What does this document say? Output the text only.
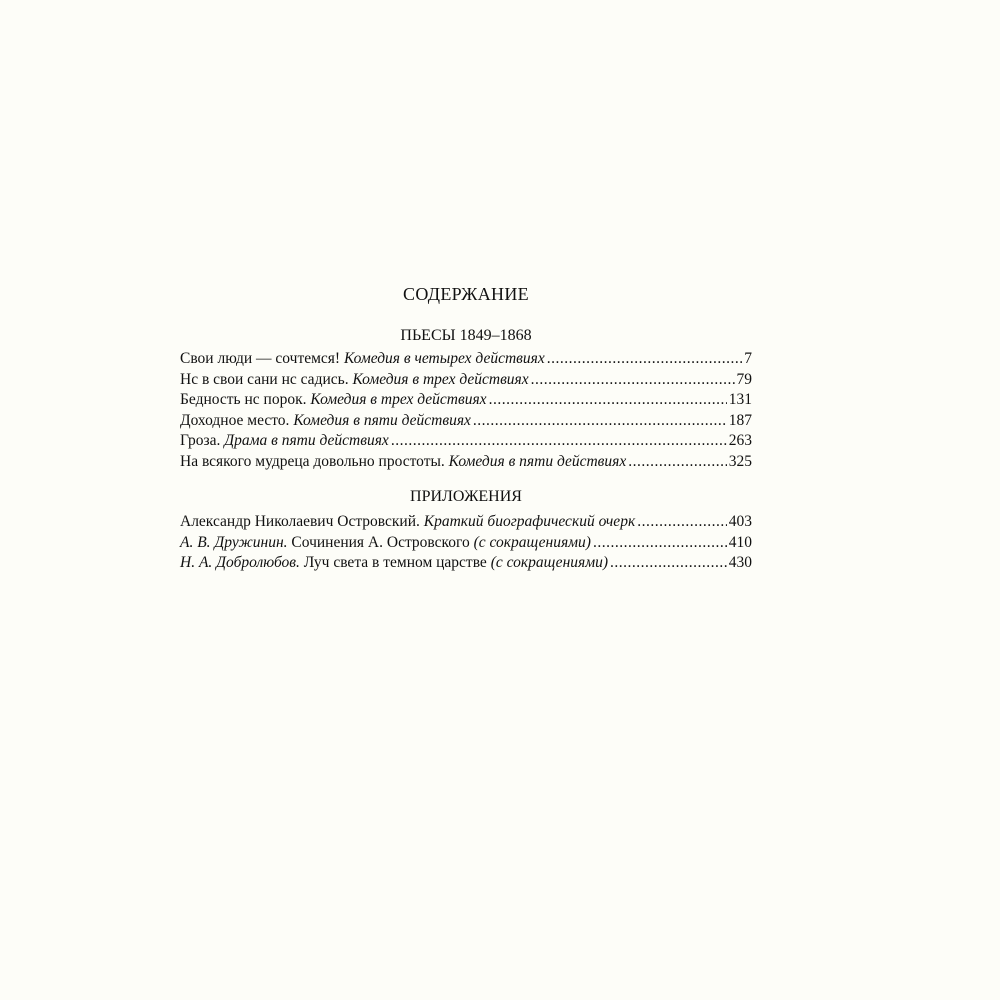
СОДЕРЖАНИЕ
ПЬЕСЫ 1849–1868
Свои люди — сочтемся! Комедия в четырех действиях .....	7
Нс в свои сани нс садись. Комедия в трех действиях .....	79
Бедность нс порок. Комедия в трех действиях .....	131
Доходное место. Комедия в пяти действиях .....	187
Гроза. Драма в пяти действиях .....	263
На всякого мудреца довольно простоты. Комедия в пяти действиях .....	325
ПРИЛОЖЕНИЯ
Александр Николаевич Островский. Краткий биографический очерк .....	403
А. В. Дружинин. Сочинения А. Островского (с сокращениями) .....	410
Н. А. Добролюбов. Луч света в темном царстве (с сокращениями) .....	430
